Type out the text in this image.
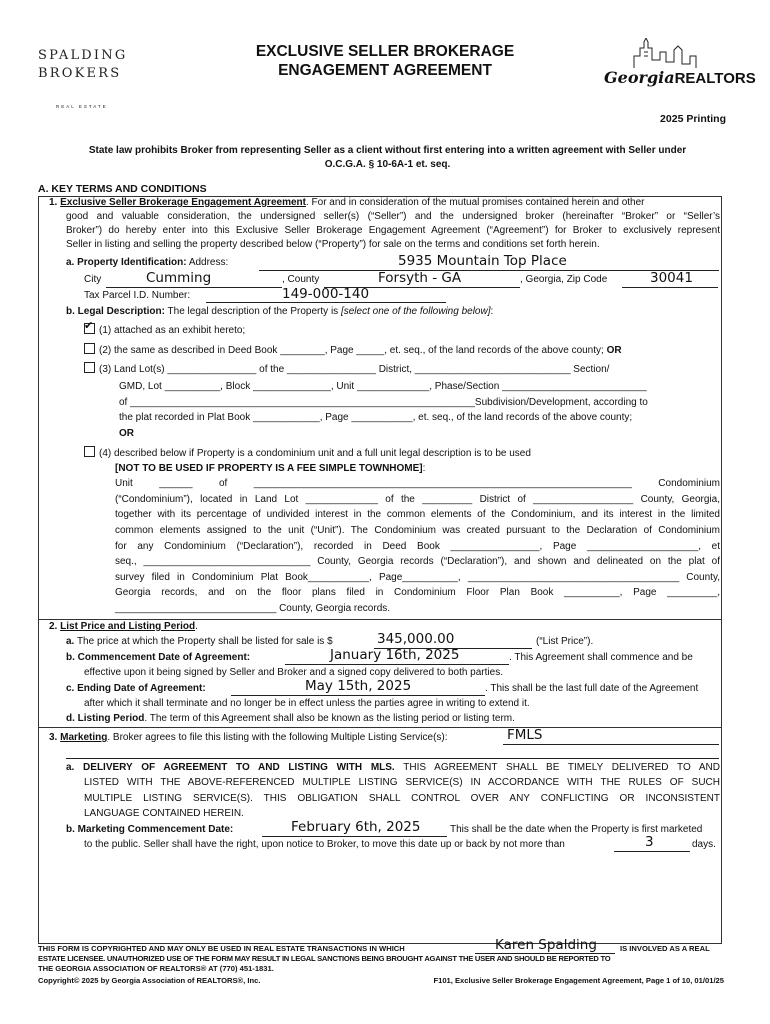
SPALDING
BROKERS
REAL ESTATE
EXCLUSIVE SELLER BROKERAGE
ENGAGEMENT AGREEMENT	GeorgiaREALTORS
2025 Printing
State law prohibits Broker from representing Seller as a client without first entering into a written agreement with Seller under
O.C.G.A. § 10-6A-1 et. seq.
A. KEY TERMS AND CONDITIONS
1. Exclusive Seller Brokerage Engagement Agreement. For and in consideration of the mutual promises contained herein and other
good and valuable consideration, the undersigned seller(s) (“Seller”) and the undersigned broker (hereinafter “Broker” or “Seller’s
Broker”) do hereby enter into this Exclusive Seller Brokerage Engagement Agreement (“Agreement”) for Broker to exclusively represent
Seller in listing and selling the property described below (“Property”) for sale on the terms and conditions set forth herein.
a. Property Identification: Address:	5935 Mountain Top Place
City	Cumming	, County	Forsyth - GA	, Georgia, Zip Code	30041
Tax Parcel I.D. Number:	149-000-140
b. Legal Description: The legal description of the Property is [select one of the following below]:
✔(1) attached as an exhibit hereto;
(2) the same as described in Deed Book ________, Page _____, et. seq., of the land records of the above county; OR
(3) Land Lot(s) ________________ of the ________________ District, ____________________________ Section/
GMD, Lot __________, Block ______________, Unit _____________, Phase/Section __________________________
of ______________________________________________________________Subdivision/Development, according to
the plat recorded in Plat Book ____________, Page ___________, et. seq., of the land records of the above county;
OR
(4) described below if Property is a condominium unit and a full unit legal description is to be used
[NOT TO BE USED IF PROPERTY IS A FEE SIMPLE TOWNHOME]:
Unit ______ of ____________________________________________________________________ Condominium
(“Condominium”), located in Land Lot _____________ of the _________ District of __________________ County, Georgia,
together with its percentage of undivided interest in the common elements of the Condominium, and its interest in the limited
common elements assigned to the unit (“Unit”). The Condominium was created pursuant to the Declaration of Condominium
for any Condominium (“Declaration”), recorded in Deed Book ________________, Page ____________________, et
seq., ______________________________ County, Georgia records (“Declaration”), and shown and delineated on the plat of
survey filed in Condominium Plat Book___________, Page__________, ______________________________________ County,
Georgia records, and on the floor plans filed in Condominium Floor Plan Book __________, Page _________,
_____________________________ County, Georgia records.
2. List Price and Listing Period.
a. The price at which the Property shall be listed for sale is $	345,000.00	(“List Price”).
b. Commencement Date of Agreement:	January 16th, 2025	. This Agreement shall commence and be
effective upon it being signed by Seller and Broker and a signed copy delivered to both parties.
c. Ending Date of Agreement:	May 15th, 2025	. This shall be the last full date of the Agreement
after which it shall terminate and no longer be in effect unless the parties agree in writing to extend it.
d. Listing Period. The term of this Agreement shall also be known as the listing period or listing term.
3. Marketing. Broker agrees to file this listing with the following Multiple Listing Service(s):	FMLS
a. DELIVERY OF AGREEMENT TO AND LISTING WITH MLS. THIS AGREEMENT SHALL BE TIMELY DELIVERED TO AND
LISTED WITH THE ABOVE-REFERENCED MULTIPLE LISTING SERVICE(S) IN ACCORDANCE WITH THE RULES OF SUCH
MULTIPLE LISTING SERVICE(S). THIS OBLIGATION SHALL CONTROL OVER ANY CONFLICTING OR INCONSISTENT
LANGUAGE CONTAINED HEREIN.
b. Marketing Commencement Date:	February 6th, 2025	This shall be the date when the Property is first marketed
to the public. Seller shall have the right, upon notice to Broker, to move this date up or back by not more than	3	days.
THIS FORM IS COPYRIGHTED AND MAY ONLY BE USED IN REAL ESTATE TRANSACTIONS IN WHICH	Karen Spalding	IS INVOLVED AS A REAL
ESTATE LICENSEE. UNAUTHORIZED USE OF THE FORM MAY RESULT IN LEGAL SANCTIONS BEING BROUGHT AGAINST THE USER AND SHOULD BE REPORTED TO
THE GEORGIA ASSOCIATION OF REALTORS® AT (770) 451-1831.
Copyright© 2025 by Georgia Association of REALTORS®, Inc.	F101, Exclusive Seller Brokerage Engagement Agreement, Page 1 of 10, 01/01/25
